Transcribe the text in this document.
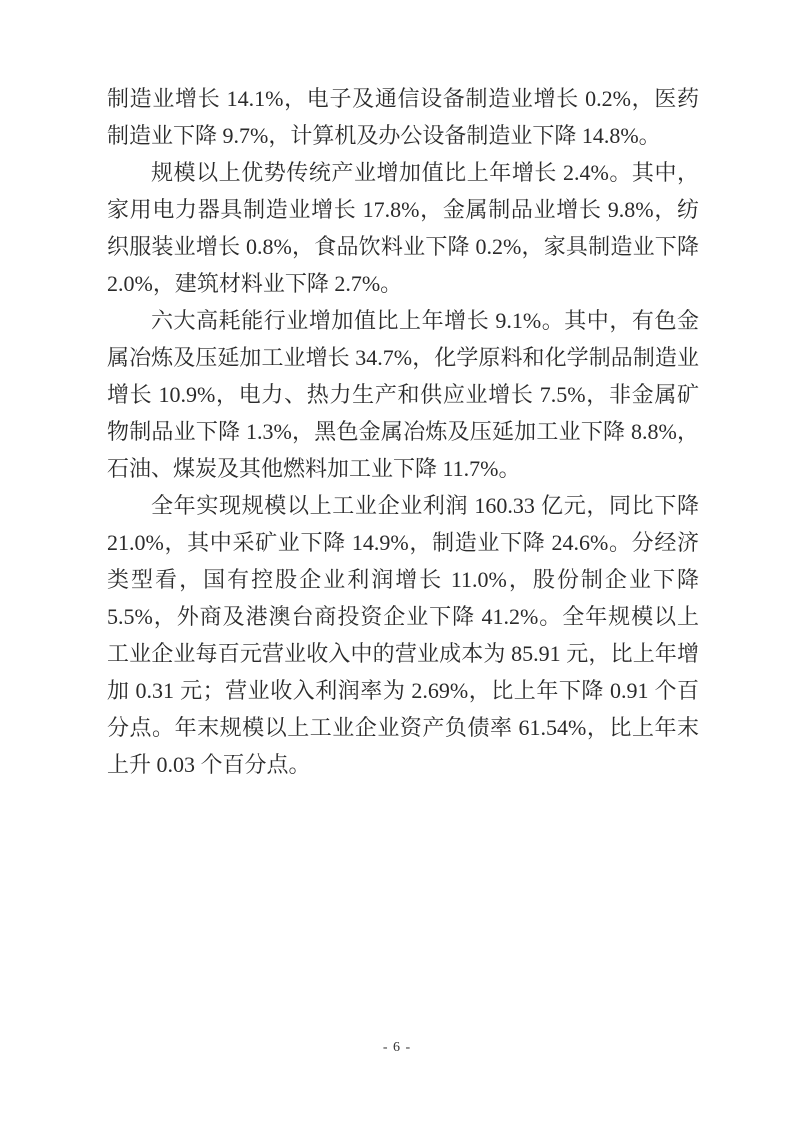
制造业增长 14.1%，电子及通信设备制造业增长 0.2%，医药制造业下降 9.7%，计算机及办公设备制造业下降 14.8%。

规模以上优势传统产业增加值比上年增长 2.4%。其中，家用电力器具制造业增长 17.8%，金属制品业增长 9.8%，纺织服装业增长 0.8%，食品饮料业下降 0.2%，家具制造业下降 2.0%，建筑材料业下降 2.7%。

六大高耗能行业增加值比上年增长 9.1%。其中，有色金属冶炼及压延加工业增长 34.7%，化学原料和化学制品制造业增长 10.9%，电力、热力生产和供应业增长 7.5%，非金属矿物制品业下降 1.3%，黑色金属冶炼及压延加工业下降 8.8%，石油、煤炭及其他燃料加工业下降 11.7%。

全年实现规模以上工业企业利润 160.33 亿元，同比下降 21.0%，其中采矿业下降 14.9%，制造业下降 24.6%。分经济类型看，国有控股企业利润增长 11.0%，股份制企业下降 5.5%，外商及港澳台商投资企业下降 41.2%。全年规模以上工业企业每百元营业收入中的营业成本为 85.91 元，比上年增加 0.31 元；营业收入利润率为 2.69%，比上年下降 0.91 个百分点。年末规模以上工业企业资产负债率 61.54%，比上年末上升 0.03 个百分点。

- 6 -
